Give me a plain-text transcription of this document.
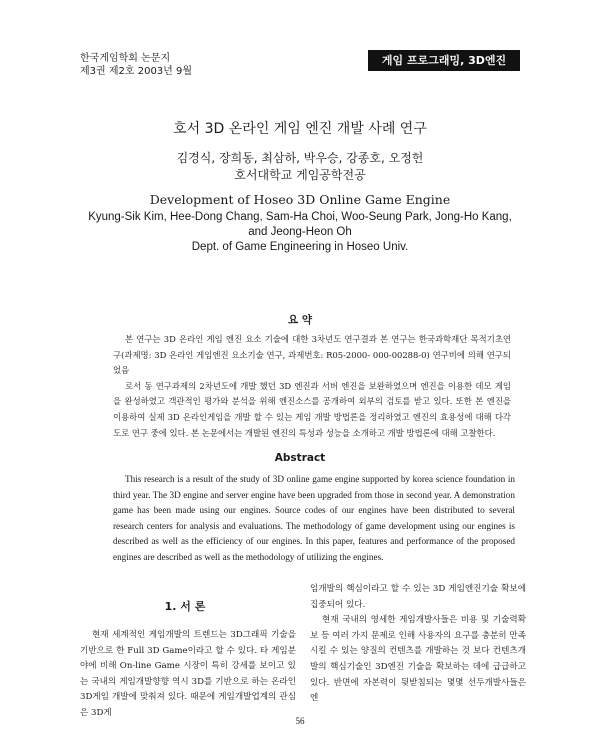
한국게임학회 논문지
제3권 제2호 2003년 9월
게임 프로그래밍, 3D엔진
호서 3D 온라인 게임 엔진 개발 사례 연구
김경식, 장희동, 최삼하, 박우승, 강종호, 오정헌
호서대학교 게임공학전공
Development of Hoseo 3D Online Game Engine
Kyung-Sik Kim, Hee-Dong Chang, Sam-Ha Choi, Woo-Seung Park, Jong-Ho Kang,
and Jeong-Heon Oh
Dept. of Game Engineering in Hoseo Univ.
요 약

본 연구는 3D 온라인 게임 엔진 요소 기술에 대한 3차년도 연구결과 본 연구는 한국과학재단 목적기초연구(과제명: 3D 온라인 게임엔진 요소기술 연구, 과제번호: R05-2000- 000-00288-0) 연구비에 의해 연구되었음

로서 동 연구과제의 2차년도에 개발 했던 3D 엔진과 서버 엔진을 보완하였으며 엔진을 이용한 데모 게임을 완성하였고 객관적인 평가와 분석을 위해 엔진소스를 공개하여 외부의 검토를 받고 있다. 또한 본 엔진을 이용하여 실제 3D 온라인게임을 개발 할 수 있는 게임 개발 방법론을 정리하였고 엔진의 효용성에 대해 다각도로 연구 중에 있다. 본 논문에서는 개발된 엔진의 특성과 성능을 소개하고 개발 방법론에 대해 고찰한다.

Abstract

This research is a result of the study of 3D online game engine supported by korea science foundation in third year. The 3D engine and server engine have been upgraded from those in second year. A demonstration game has been made using our engines. Source codes of our engines have been distributed to several research centers for analysis and evaluations. The methodology of game development using our engines is described as well as the efficiency of our engines. In this paper, features and performance of the proposed engines are described as well as the methodology of utilizing the engines.

1. 서 론

현재 세계적인 게임개발의 트렌드는 3D그래픽 기술을 기반으로 한 Full 3D Game이라고 할 수 있다. 타 게임분야에 비해 On-line Game 시장이 특히 강세를 보이고 있는 국내의 게임개발향향 역시 3D를 기반으로 하는 온라인 3D게임 개발에 맞춰져 있다. 때문에 게임개발업계의 관심은 3D게

임개발의 핵심이라고 할 수 있는 3D 게임엔진기술 확보에 집중되어 있다.

현재 국내의 영세한 게임개발사들은 비용 및 기술력확보 등 여러 가지 문제로 인해 사용자의 요구를 충분히 만족시킬 수 있는 양질의 컨텐츠를 개발하는 것 보다 컨텐츠개발의 핵심기술인 3D엔진 기술을 확보하는 데에 급급하고 있다. 반면에 자본력이 뒷받침되는 몇몇 선두개발사들은 엔

56
